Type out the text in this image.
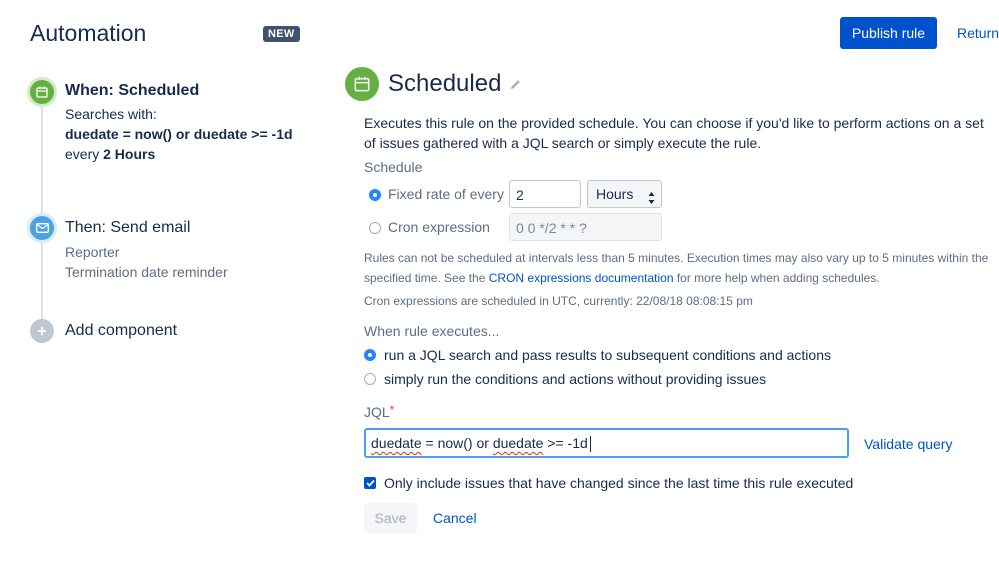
Automation	NEW	Publish rule	Return
When: Scheduled
Searches with:
duedate = now() or duedate >= -1d
every 2 Hours
Then: Send email
Reporter
Termination date reminder
Add component
Scheduled
Executes this rule on the provided schedule. You can choose if you'd like to perform actions on a set of issues gathered with a JQL search or simply execute the rule.
Schedule
Fixed rate of every 2	Hours
Cron expression	0 0 */2 * * ?
Rules can not be scheduled at intervals less than 5 minutes. Execution times may also vary up to 5 minutes within the specified time. See the CRON expressions documentation for more help when adding schedules.
Cron expressions are scheduled in UTC, currently: 22/08/18 08:08:15 pm
When rule executes...
run a JQL search and pass results to subsequent conditions and actions
simply run the conditions and actions without providing issues
JQL*
duedate = now() or duedate >= -1d	Validate query
Only include issues that have changed since the last time this rule executed
Save	Cancel
